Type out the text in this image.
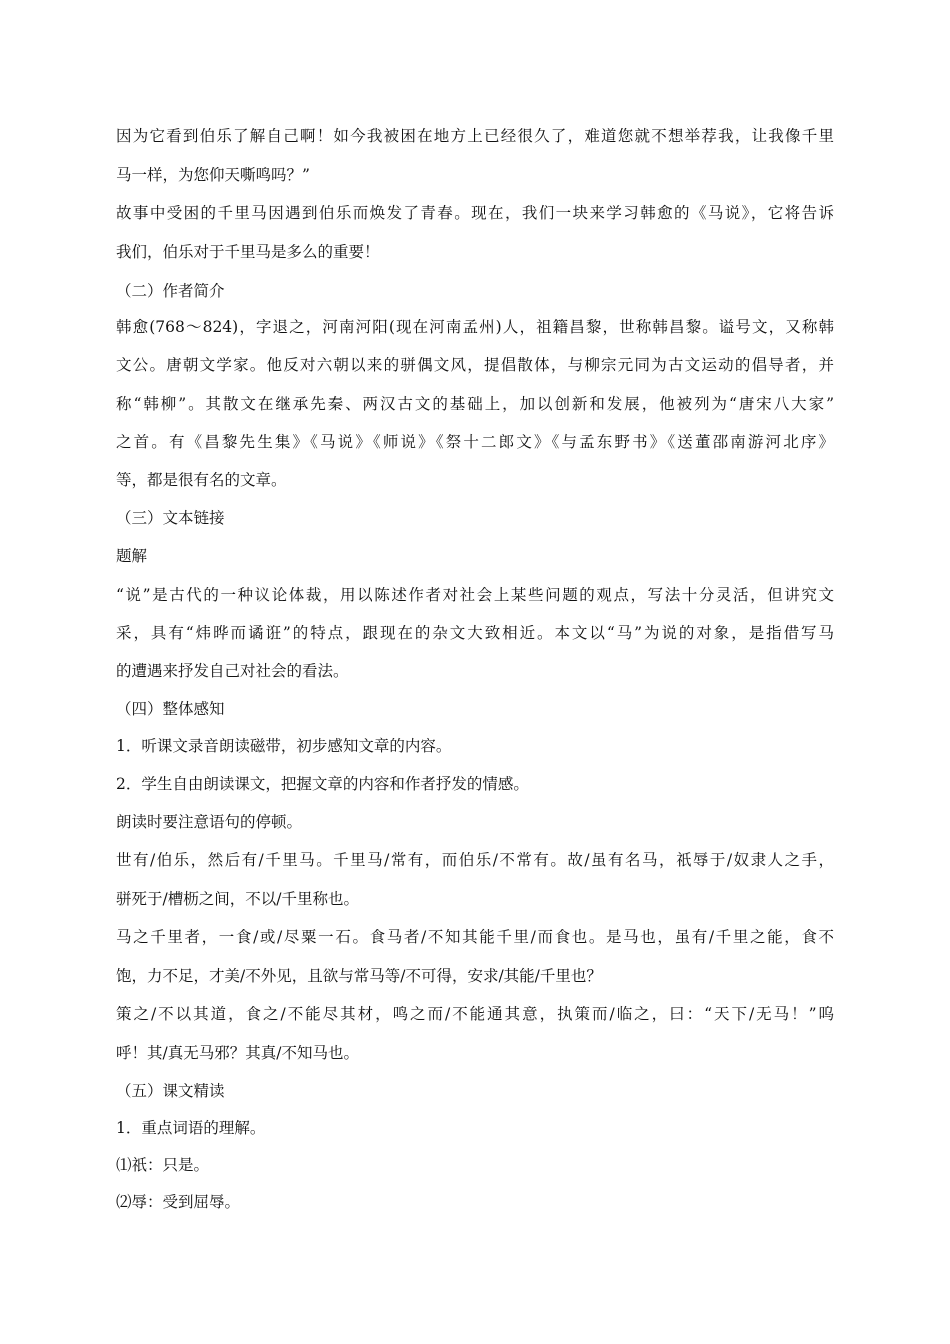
因为它看到伯乐了解自己啊！如今我被困在地方上已经很久了，难道您就不想举荐我，让我像千里
马一样，为您仰天嘶鸣吗？”
故事中受困的千里马因遇到伯乐而焕发了青春。现在，我们一块来学习韩愈的《马说》，它将告诉
我们，伯乐对于千里马是多么的重要！
（二）作者简介
韩愈(768～824)，字退之，河南河阳(现在河南孟州)人，祖籍昌黎，世称韩昌黎。谥号文，又称韩
文公。唐朝文学家。他反对六朝以来的骈偶文风，提倡散体，与柳宗元同为古文运动的倡导者，并
称“韩柳”。其散文在继承先秦、两汉古文的基础上，加以创新和发展，他被列为“唐宋八大家”
之首。有《昌黎先生集》《马说》《师说》《祭十二郎文》《与孟东野书》《送董邵南游河北序》
等，都是很有名的文章。
（三）文本链接
题解
“说”是古代的一种议论体裁，用以陈述作者对社会上某些问题的观点，写法十分灵活，但讲究文
采，具有“炜晔而谲诳”的特点，跟现在的杂文大致相近。本文以“马”为说的对象，是指借写马
的遭遇来抒发自己对社会的看法。
（四）整体感知
1．听课文录音朗读磁带，初步感知文章的内容。
2．学生自由朗读课文，把握文章的内容和作者抒发的情感。
朗读时要注意语句的停顿。
世有/伯乐，然后有/千里马。千里马/常有，而伯乐/不常有。故/虽有名马，祇辱于/奴隶人之手，
骈死于/槽枥之间，不以/千里称也。
马之千里者，一食/或/尽粟一石。食马者/不知其能千里/而食也。是马也，虽有/千里之能，食不
饱，力不足，才美/不外见，且欲与常马等/不可得，安求/其能/千里也？
策之/不以其道，食之/不能尽其材，鸣之而/不能通其意，执策而/临之，曰：“天下/无马！”呜
呼！其/真无马邪？其真/不知马也。
（五）课文精读
1．重点词语的理解。
⑴祇：只是。
⑵辱：受到屈辱。
